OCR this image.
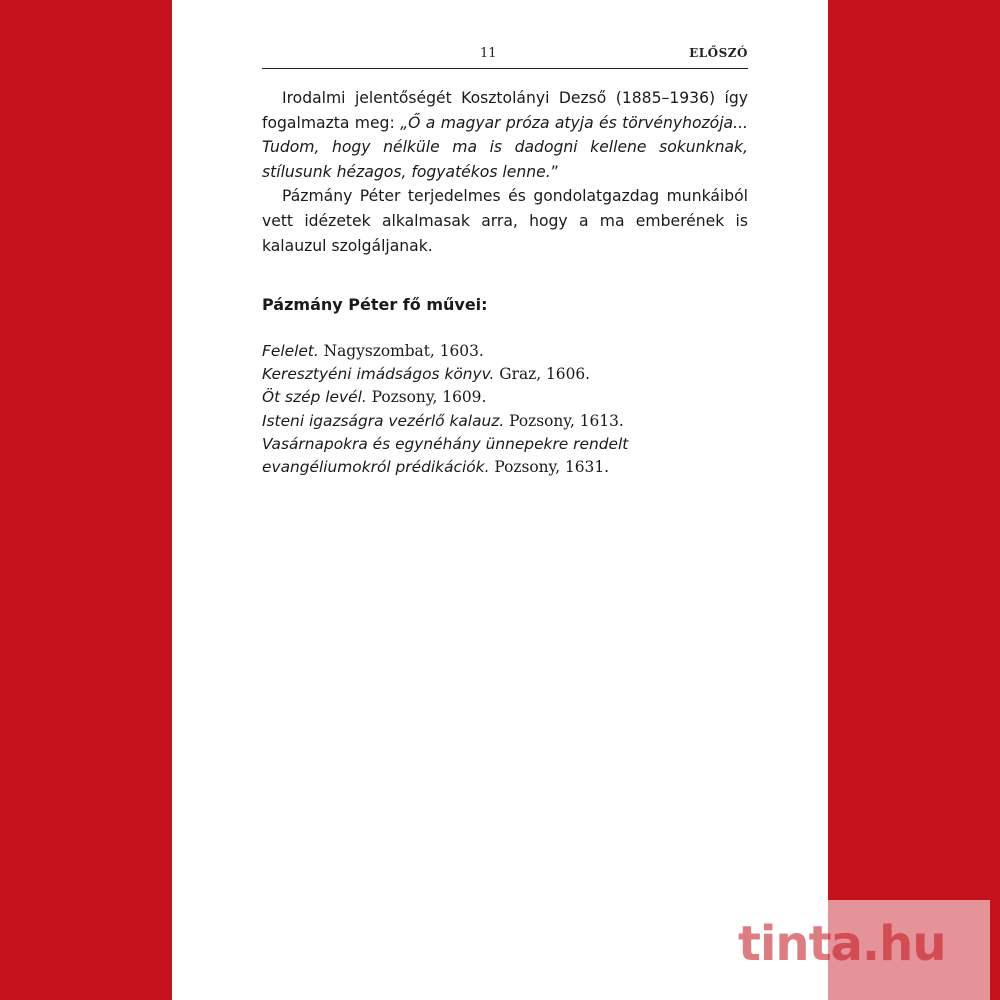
11	ELŐSZÓ

Irodalmi jelentőségét Kosztolányi Dezső (1885–1936) így fogalmazta meg: „Ő a magyar próza atyja és törvényhozója... Tudom, hogy nélküle ma is dadogni kellene sokunknak, stílusunk hézagos, fogyatékos lenne.”

Pázmány Péter terjedelmes és gondolatgazdag munkáiból vett idézetek alkalmasak arra, hogy a ma emberének is kalauzul szolgáljanak.

Pázmány Péter fő művei:

Felelet. Nagyszombat, 1603.

Keresztyéni imádságos könyv. Graz, 1606.

Öt szép levél. Pozsony, 1609.

Isteni igazságra vezérlő kalauz. Pozsony, 1613.

Vasárnapokra és egynéhány ünnepekre rendelt evangéliumokról prédikációk. Pozsony, 1631.

tinta.hu
